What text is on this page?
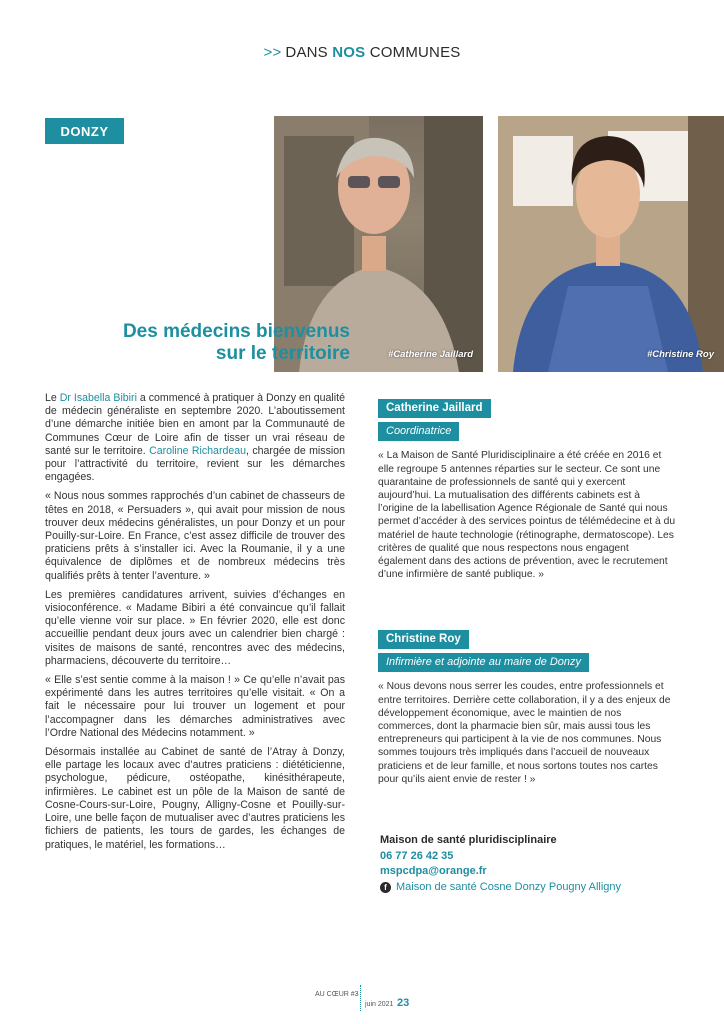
>> DANS NOS COMMUNES
DONZY
#Catherine Jaillard	#Christine Roy
Des médecins bienvenus
sur le territoire

Le Dr Isabella Bibiri a commencé à pratiquer à Donzy en qualité de médecin généraliste en septembre 2020. L’aboutissement d’une démarche initiée bien en amont par la Communauté de Communes Cœur de Loire afin de tisser un vrai réseau de santé sur le territoire. Caroline Richardeau, chargée de mission pour l’attractivité du territoire, revient sur les démarches engagées.

« Nous nous sommes rapprochés d’un cabinet de chasseurs de têtes en 2018, « Persuaders », qui avait pour mission de nous trouver deux médecins généralistes, un pour Donzy et un pour Pouilly-sur-Loire. En France, c’est assez difficile de trouver des praticiens prêts à s’installer ici. Avec la Roumanie, il y a une équivalence de diplômes et de nombreux médecins très qualifiés prêts à tenter l’aventure. »

Les premières candidatures arrivent, suivies d’échanges en visioconférence. « Madame Bibiri a été convaincue qu’il fallait qu’elle vienne voir sur place. » En février 2020, elle est donc accueillie pendant deux jours avec un calendrier bien chargé : visites de maisons de santé, rencontres avec des médecins, pharmaciens, découverte du territoire…

« Elle s’est sentie comme à la maison ! » Ce qu’elle n’avait pas expérimenté dans les autres territoires qu’elle visitait. « On a fait le nécessaire pour lui trouver un logement et pour l’accompagner dans les démarches administratives avec l’Ordre National des Médecins notamment. »

Désormais installée au Cabinet de santé de l’Atray à Donzy, elle partage les locaux avec d’autres praticiens : diététicienne, psychologue, pédicure, ostéopathe, kinésithérapeute, infirmières. Le cabinet est un pôle de la Maison de santé de Cosne-Cours-sur-Loire, Pougny, Alligny-Cosne et Pouilly-sur-Loire, une belle façon de mutualiser avec d’autres praticiens les fichiers de patients, les tours de gardes, les échanges de pratiques, le matériel, les formations…

Catherine Jaillard
Coordinatrice
« La Maison de Santé Pluridisciplinaire a été créée en 2016 et elle regroupe 5 antennes réparties sur le secteur. Ce sont une quarantaine de professionnels de santé qui y exercent aujourd’hui. La mutualisation des différents cabinets est à l’origine de la labellisation Agence Régionale de Santé qui nous permet d’accéder à des services pointus de télémédecine et à du matériel de haute technologie (rétinographe, dermatoscope). Les critères de qualité que nous respectons nous engagent également dans des actions de prévention, avec le recrutement d’une infirmière de santé publique. »
Christine Roy
Infirmière et adjointe au maire de Donzy
« Nous devons nous serrer les coudes, entre professionnels et entre territoires. Derrière cette collaboration, il y a des enjeux de développement économique, avec le maintien de nos commerces, dont la pharmacie bien sûr, mais aussi tous les entrepreneurs qui participent à la vie de nos communes. Nous sommes toujours très impliqués dans l’accueil de nouveaux praticiens et de leur famille, et nous sortons toutes nos cartes pour qu’ils aient envie de rester ! »
Maison de santé pluridisciplinaire
06 77 26 42 35
mspcdpa@orange.fr
f Maison de santé Cosne Donzy Pougny Alligny
AU CŒUR #3
juin 2021 23
